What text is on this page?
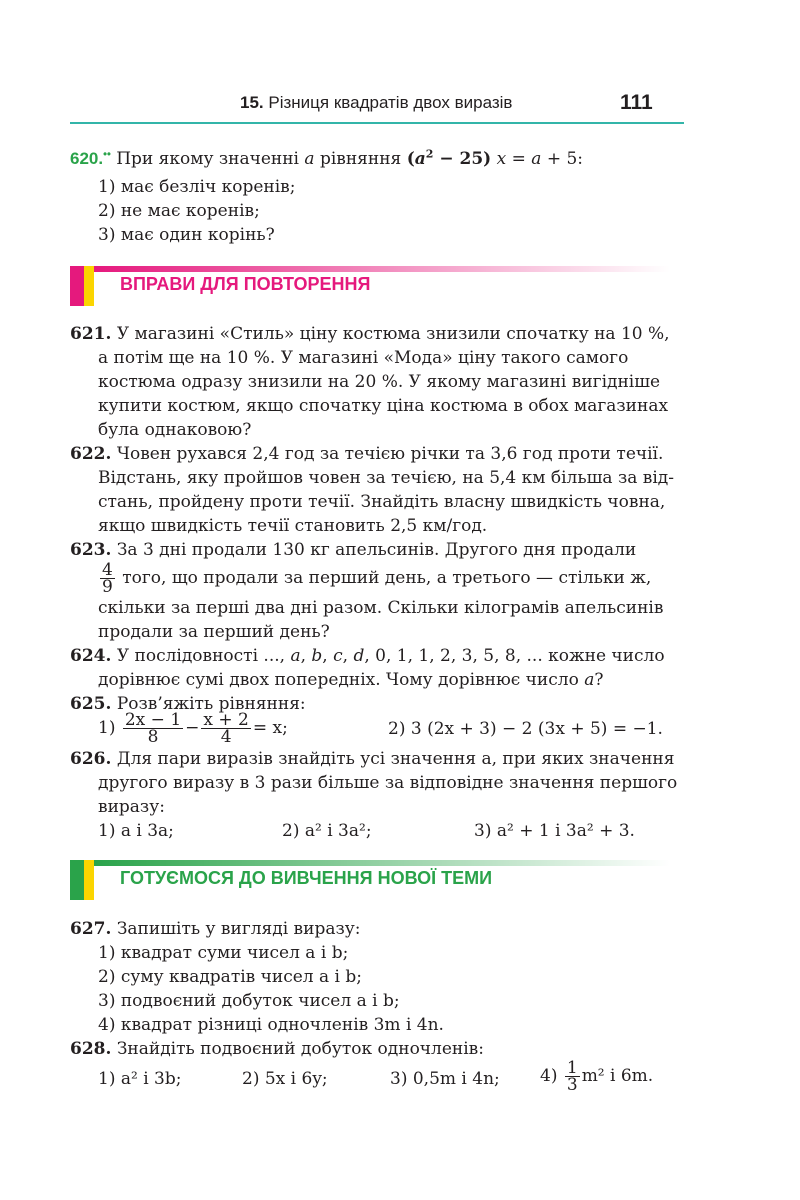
15. Різниця квадратів двох виразів	111
620.•• При якому значенні a рівняння $(a^2 - 25) x = a + 5$:
1) має безліч коренів;
2) не має коренів;
3) має один корінь?
ВПРАВИ ДЛЯ ПОВТОРЕННЯ
621. У магазині «Стиль» ціну костюма знизили спочатку на 10 %,
а потім ще на 10 %. У магазині «Мода» ціну такого самого
костюма одразу знизили на 20 %. У якому магазині вигідніше
купити костюм, якщо спочатку ціна костюма в обох магазинах
була однаковою?
622. Човен рухався 2,4 год за течією річки та 3,6 год проти течії.
Відстань, яку пройшов човен за течією, на 5,4 км більша за від-
стань, пройдену проти течії. Знайдіть власну швидкість човна,
якщо швидкість течії становить 2,5 км/год.
623. За 3 дні продали 130 кг апельсинів. Другого дня продали
$\frac{4}{9}$ того, що продали за перший день, а третього — стільки ж,
скільки за перші два дні разом. Скільки кілограмів апельсинів
продали за перший день?
624. У послідовності ..., a, b, c, d, 0, 1, 1, 2, 3, 5, 8, ... кожне число
дорівнює сумі двох попередніх. Чому дорівнює число a?
625. Розв’яжіть рівняння:
$1) \frac{2x - 1}{8} - \frac{x + 2}{4} = x$;	2) 3 (2x + 3) − 2 (3x + 5) = −1.
626. Для пари виразів знайдіть усі значення a, при яких значення
другого виразу в 3 рази більше за відповідне значення першого
виразу:
1) a і 3a;	2) a² і 3a²;	3) a² + 1 і 3a² + 3.
ГОТУЄМОСЯ ДО ВИВЧЕННЯ НОВОЇ ТЕМИ
627. Запишіть у вигляді виразу:
1) квадрат суми чисел a і b;
2) суму квадратів чисел a і b;
3) подвоєний добуток чисел a і b;
4) квадрат різниці одночленів 3m і 4n.
628. Знайдіть подвоєний добуток одночленів:
1) a² і 3b;	2) 5x і 6y;	3) 0,5m і 4n; $4) \frac{1}{3} m^2$ і 6m.
